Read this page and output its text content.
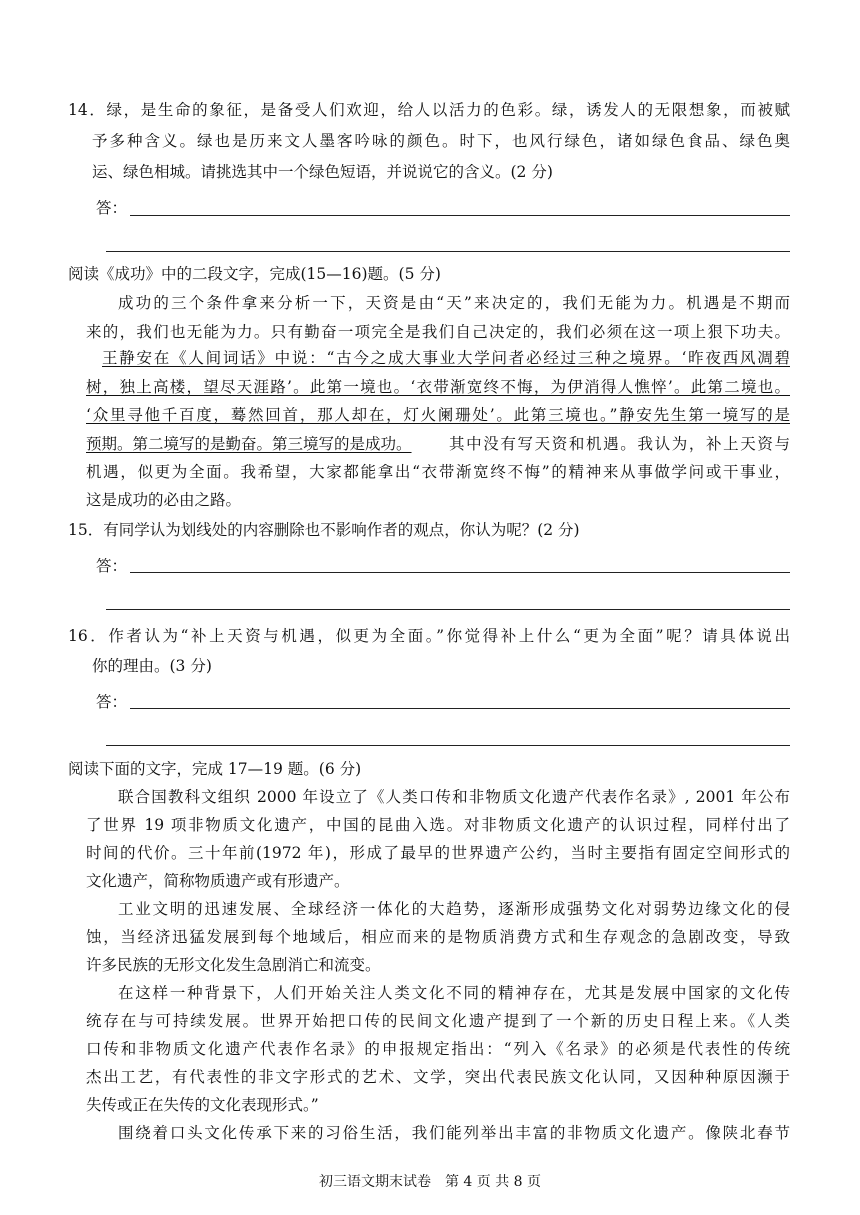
14．绿，是生命的象征，是备受人们欢迎，给人以活力的色彩。绿，诱发人的无限想象，而被赋
予多种含义。绿也是历来文人墨客吟咏的颜色。时下，也风行绿色，诸如绿色食品、绿色奥
运、绿色相城。请挑选其中一个绿色短语，并说说它的含义。(2 分)
答：
阅读《成功》中的二段文字，完成(15—16)题。(5 分)
成功的三个条件拿来分析一下，天资是由“天”来决定的，我们无能为力。机遇是不期而
来的，我们也无能为力。只有勤奋一项完全是我们自己决定的，我们必须在这一项上狠下功夫。
王静安在《人间词话》中说：“古今之成大事业大学问者必经过三种之境界。‘昨夜西风凋碧
树，独上高楼，望尽天涯路’。此第一境也。‘衣带渐宽终不悔，为伊消得人憔悴’。此第二境也。
‘众里寻他千百度，蓦然回首，那人却在，灯火阑珊处’。此第三境也。”静安先生第一境写的是
预期。第二境写的是勤奋。第三境写的是成功。 其中没有写天资和机遇。我认为，补上天资与
机遇，似更为全面。我希望，大家都能拿出“衣带渐宽终不悔”的精神来从事做学问或干事业，
这是成功的必由之路。
15．有同学认为划线处的内容删除也不影响作者的观点，你认为呢？(2 分)
答：
16．作者认为“补上天资与机遇，似更为全面。”你觉得补上什么“更为全面”呢？请具体说出
你的理由。(3 分)
答：
阅读下面的文字，完成 17—19 题。(6 分)
联合国教科文组织 2000 年设立了《人类口传和非物质文化遗产代表作名录》, 2001 年公布
了世界 19 项非物质文化遗产，中国的昆曲入选。对非物质文化遗产的认识过程，同样付出了
时间的代价。三十年前(1972 年)，形成了最早的世界遗产公约，当时主要指有固定空间形式的
文化遗产，简称物质遗产或有形遗产。
工业文明的迅速发展、全球经济一体化的大趋势，逐渐形成强势文化对弱势边缘文化的侵
蚀，当经济迅猛发展到每个地域后，相应而来的是物质消费方式和生存观念的急剧改变，导致
许多民族的无形文化发生急剧消亡和流变。
在这样一种背景下，人们开始关注人类文化不同的精神存在，尤其是发展中国家的文化传
统存在与可持续发展。世界开始把口传的民间文化遗产提到了一个新的历史日程上来。《人类
口传和非物质文化遗产代表作名录》的申报规定指出：“列入《名录》的必须是代表性的传统
杰出工艺，有代表性的非文字形式的艺术、文学，突出代表民族文化认同，又因种种原因濒于
失传或正在失传的文化表现形式。”
围绕着口头文化传承下来的习俗生活，我们能列举出丰富的非物质文化遗产。像陕北春节
初三语文期末试卷　第 4 页 共 8 页
